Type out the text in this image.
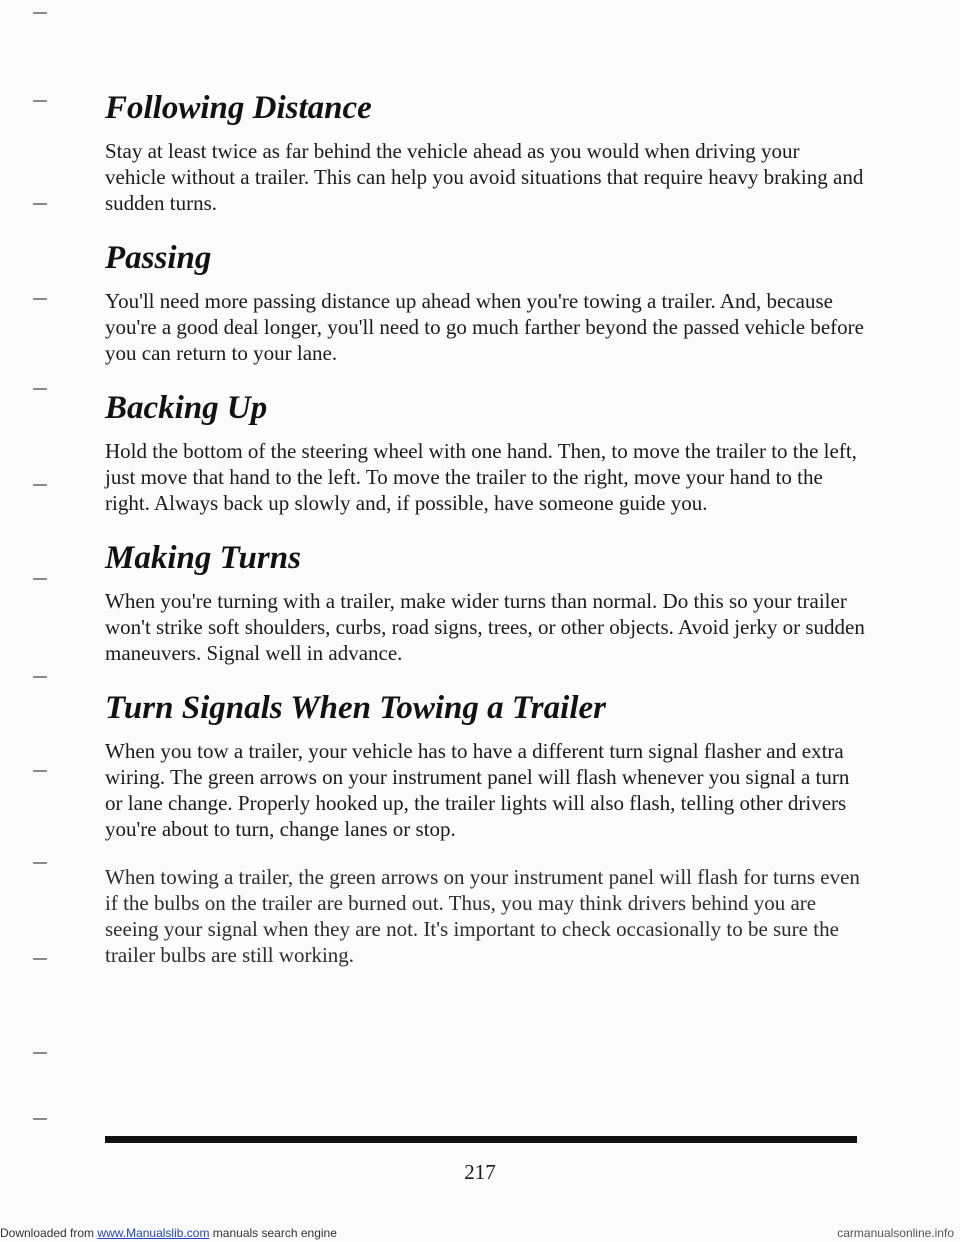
Following Distance

Stay at least twice as far behind the vehicle ahead as you would when driving your vehicle without a trailer. This can help you avoid situations that require heavy braking and sudden turns.

Passing

You'll need more passing distance up ahead when you're towing a trailer. And, because you're a good deal longer, you'll need to go much farther beyond the passed vehicle before you can return to your lane.

Backing Up

Hold the bottom of the steering wheel with one hand. Then, to move the trailer to the left, just move that hand to the left. To move the trailer to the right, move your hand to the right. Always back up slowly and, if possible, have someone guide you.

Making Turns

When you're turning with a trailer, make wider turns than normal. Do this so your trailer won't strike soft shoulders, curbs, road signs, trees, or other objects. Avoid jerky or sudden maneuvers. Signal well in advance.

Turn Signals When Towing a Trailer

When you tow a trailer, your vehicle has to have a different turn signal flasher and extra wiring. The green arrows on your instrument panel will flash whenever you signal a turn or lane change. Properly hooked up, the trailer lights will also flash, telling other drivers you're about to turn, change lanes or stop.

When towing a trailer, the green arrows on your instrument panel will flash for turns even if the bulbs on the trailer are burned out. Thus, you may think drivers behind you are seeing your signal when they are not. It's important to check occasionally to be sure the trailer bulbs are still working.

217
Downloaded from www.Manualslib.com manuals search engine	carmanualsonline.info
